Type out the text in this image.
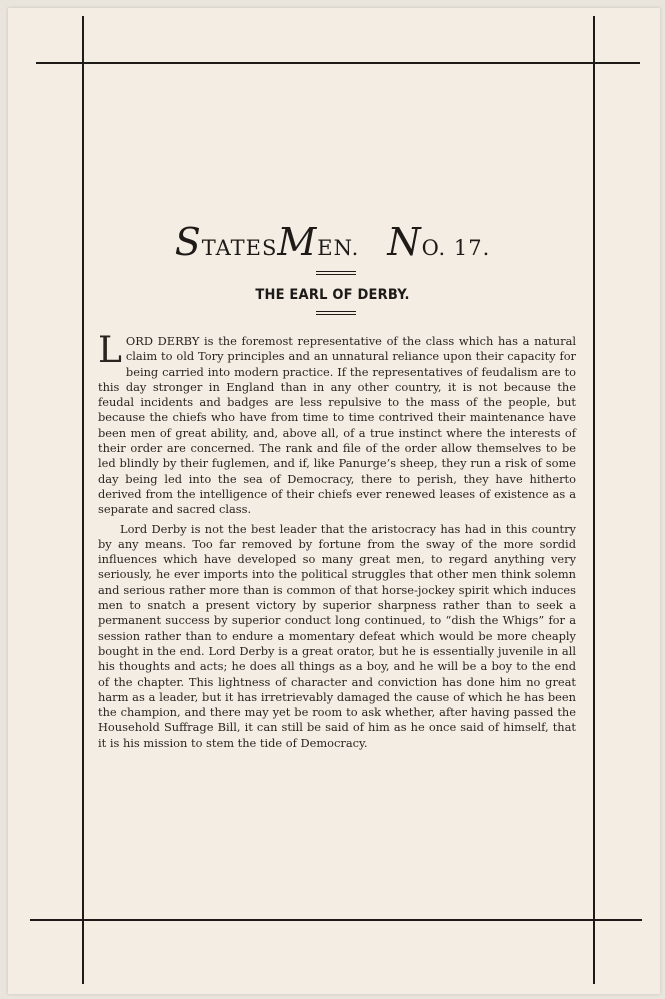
STATESMEN. NO. 17.
THE EARL OF DERBY.

LORD DERBY is the foremost representative of the class which has a natural claim to old Tory principles and an unnatural reliance upon their capacity for being carried into modern practice. If the representatives of feudalism are to this day stronger in England than in any other country, it is not because the feudal incidents and badges are less repulsive to the mass of the people, but because the chiefs who have from time to time contrived their maintenance have been men of great ability, and, above all, of a true instinct where the interests of their order are concerned. The rank and file of the order allow themselves to be led blindly by their fuglemen, and if, like Panurge’s sheep, they run a risk of some day being led into the sea of Democracy, there to perish, they have hitherto derived from the intelligence of their chiefs ever renewed leases of existence as a separate and sacred class.

Lord Derby is not the best leader that the aristocracy has had in this country by any means. Too far removed by fortune from the sway of the more sordid influences which have developed so many great men, to regard anything very seriously, he ever imports into the political struggles that other men think solemn and serious rather more than is common of that horse-jockey spirit which induces men to snatch a present victory by superior sharpness rather than to seek a permanent success by superior conduct long continued, to “dish the Whigs” for a session rather than to endure a momentary defeat which would be more cheaply bought in the end. Lord Derby is a great orator, but he is essentially juvenile in all his thoughts and acts; he does all things as a boy, and he will be a boy to the end of the chapter. This lightness of character and conviction has done him no great harm as a leader, but it has irretrievably damaged the cause of which he has been the champion, and there may yet be room to ask whether, after having passed the Household Suffrage Bill, it can still be said of him as he once said of himself, that it is his mission to stem the tide of Democracy.
